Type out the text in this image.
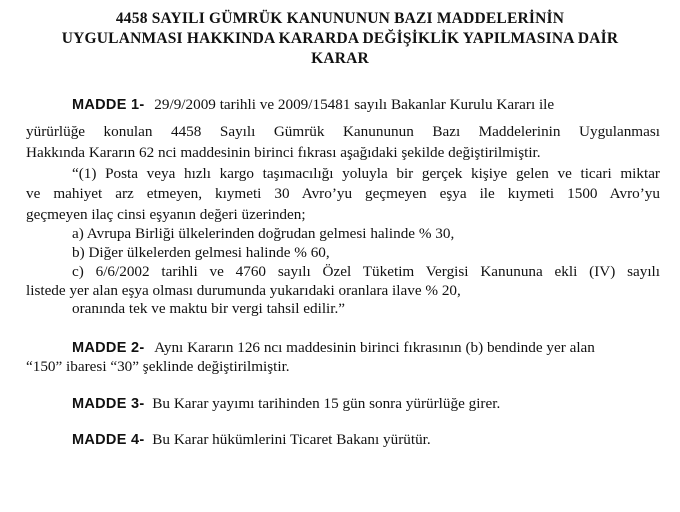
4458 SAYILI GÜMRÜK KANUNUNUN BAZI MADDELERİNİN
UYGULANMASI HAKKINDA KARARDA DEĞİŞİKLİK YAPILMASINA DAİR
KARAR
MADDE 1- 29/9/2009 tarihli ve 2009/15481 sayılı Bakanlar Kurulu Kararı ile
yürürlüğe konulan 4458 Sayılı Gümrük Kanununun Bazı Maddelerinin Uygulanması
Hakkında Kararın 62 nci maddesinin birinci fıkrası aşağıdaki şekilde değiştirilmiştir.
“(1) Posta veya hızlı kargo taşımacılığı yoluyla bir gerçek kişiye gelen ve ticari miktar
ve mahiyet arz etmeyen, kıymeti 30 Avro’yu geçmeyen eşya ile kıymeti 1500 Avro’yu
geçmeyen ilaç cinsi eşyanın değeri üzerinden;
a) Avrupa Birliği ülkelerinden doğrudan gelmesi halinde % 30,
b) Diğer ülkelerden gelmesi halinde % 60,
c) 6/6/2002 tarihli ve 4760 sayılı Özel Tüketim Vergisi Kanununa ekli (IV) sayılı
listede yer alan eşya olması durumunda yukarıdaki oranlara ilave % 20,
oranında tek ve maktu bir vergi tahsil edilir.”
MADDE 2- Aynı Kararın 126 ncı maddesinin birinci fıkrasının (b) bendinde yer alan
“150” ibaresi “30” şeklinde değiştirilmiştir.
MADDE 3- Bu Karar yayımı tarihinden 15 gün sonra yürürlüğe girer.
MADDE 4- Bu Karar hükümlerini Ticaret Bakanı yürütür.
